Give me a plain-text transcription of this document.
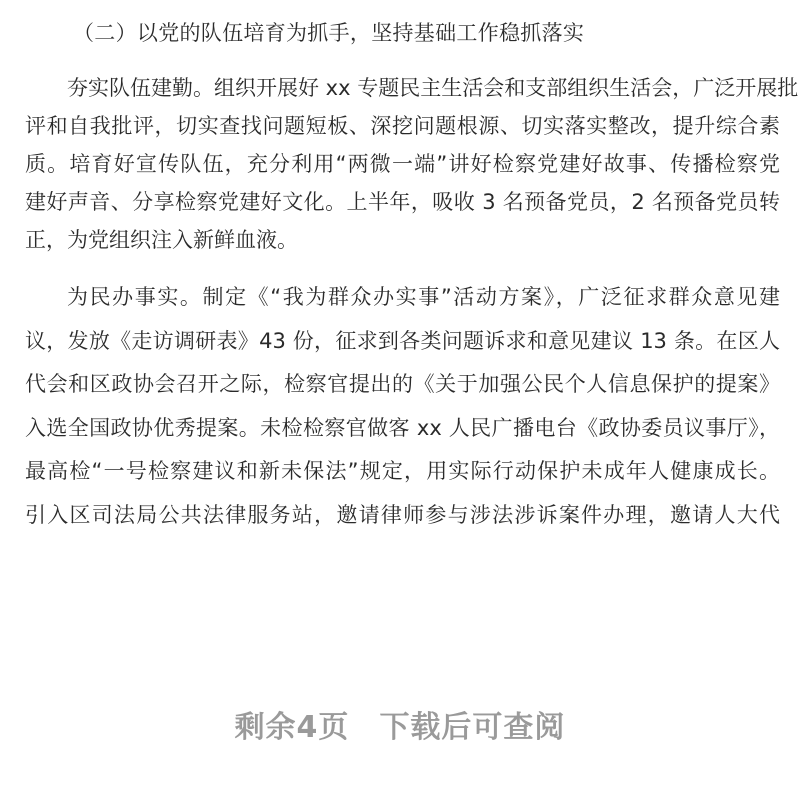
（二）以党的队伍培育为抓手，坚持基础工作稳抓落实
夯实队伍建勤。组织开展好 xx 专题民主生活会和支部组织生活会，广泛开展批
评和自我批评，切实查找问题短板、深挖问题根源、切实落实整改，提升综合素
质。培育好宣传队伍，充分利用“两微一端”讲好检察党建好故事、传播检察党
建好声音、分享检察党建好文化。上半年，吸收 3 名预备党员，2 名预备党员转
正，为党组织注入新鲜血液。
为民办事实。制定《“我为群众办实事”活动方案》，广泛征求群众意见建
议，发放《走访调研表》43 份，征求到各类问题诉求和意见建议 13 条。在区人
代会和区政协会召开之际，检察官提出的《关于加强公民个人信息保护的提案》
入选全国政协优秀提案。未检检察官做客 xx 人民广播电台《政协委员议事厅》，
最高检“一号检察建议和新未保法”规定，用实际行动保护未成年人健康成长。
引入区司法局公共法律服务站，邀请律师参与涉法涉诉案件办理，邀请人大代
剩余4页 下载后可查阅
